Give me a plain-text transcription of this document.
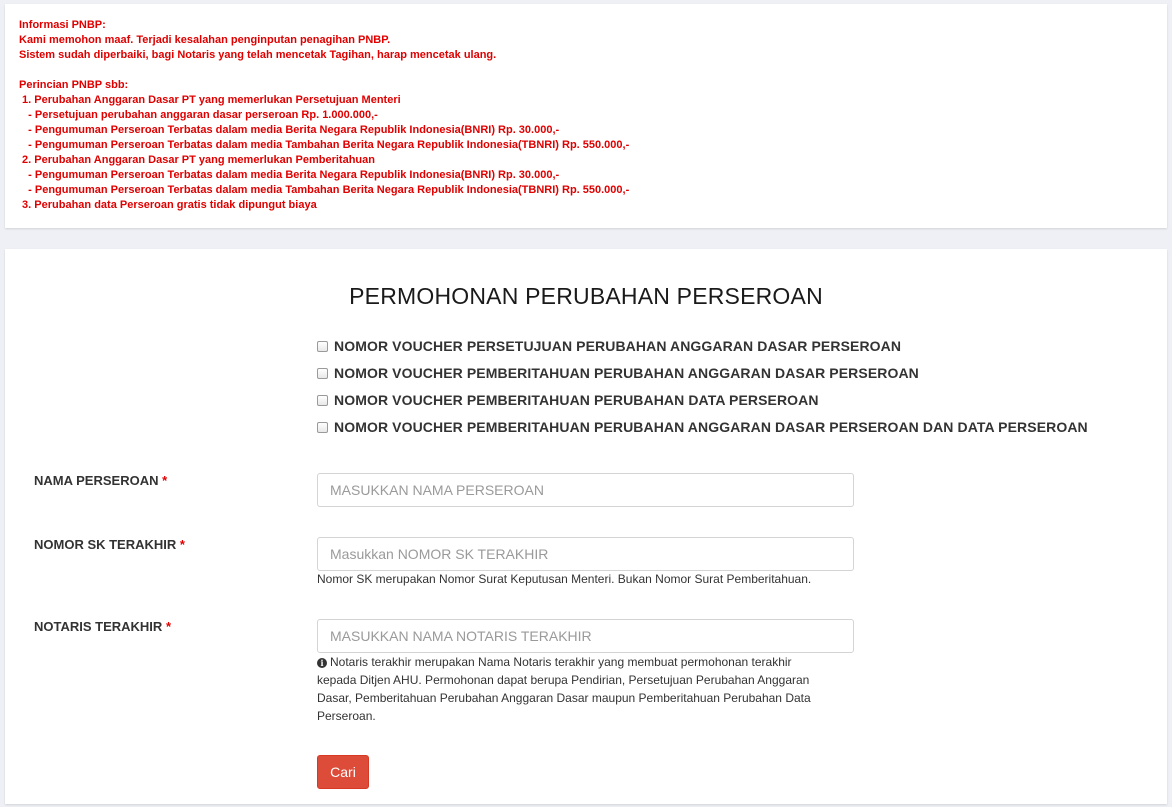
Informasi PNBP:
Kami memohon maaf. Terjadi kesalahan penginputan penagihan PNBP.
Sistem sudah diperbaiki, bagi Notaris yang telah mencetak Tagihan, harap mencetak ulang.
Perincian PNBP sbb:
1. Perubahan Anggaran Dasar PT yang memerlukan Persetujuan Menteri
- Persetujuan perubahan anggaran dasar perseroan Rp. 1.000.000,-
- Pengumuman Perseroan Terbatas dalam media Berita Negara Republik Indonesia(BNRI) Rp. 30.000,-
- Pengumuman Perseroan Terbatas dalam media Tambahan Berita Negara Republik Indonesia(TBNRI) Rp. 550.000,-
2. Perubahan Anggaran Dasar PT yang memerlukan Pemberitahuan
- Pengumuman Perseroan Terbatas dalam media Berita Negara Republik Indonesia(BNRI) Rp. 30.000,-
- Pengumuman Perseroan Terbatas dalam media Tambahan Berita Negara Republik Indonesia(TBNRI) Rp. 550.000,-
3. Perubahan data Perseroan gratis tidak dipungut biaya
PERMOHONAN PERUBAHAN PERSEROAN
NOMOR VOUCHER PERSETUJUAN PERUBAHAN ANGGARAN DASAR PERSEROAN
NOMOR VOUCHER PEMBERITAHUAN PERUBAHAN ANGGARAN DASAR PERSEROAN
NOMOR VOUCHER PEMBERITAHUAN PERUBAHAN DATA PERSEROAN
NOMOR VOUCHER PEMBERITAHUAN PERUBAHAN ANGGARAN DASAR PERSEROAN DAN DATA PERSEROAN
NAMA PERSEROAN *
MASUKKAN NAMA PERSEROAN
NOMOR SK TERAKHIR *
Masukkan NOMOR SK TERAKHIR
Nomor SK merupakan Nomor Surat Keputusan Menteri. Bukan Nomor Surat Pemberitahuan.
NOTARIS TERAKHIR *
MASUKKAN NAMA NOTARIS TERAKHIR
i Notaris terakhir merupakan Nama Notaris terakhir yang membuat permohonan terakhir
kepada Ditjen AHU. Permohonan dapat berupa Pendirian, Persetujuan Perubahan Anggaran
Dasar, Pemberitahuan Perubahan Anggaran Dasar maupun Pemberitahuan Perubahan Data
Perseroan.
Cari
